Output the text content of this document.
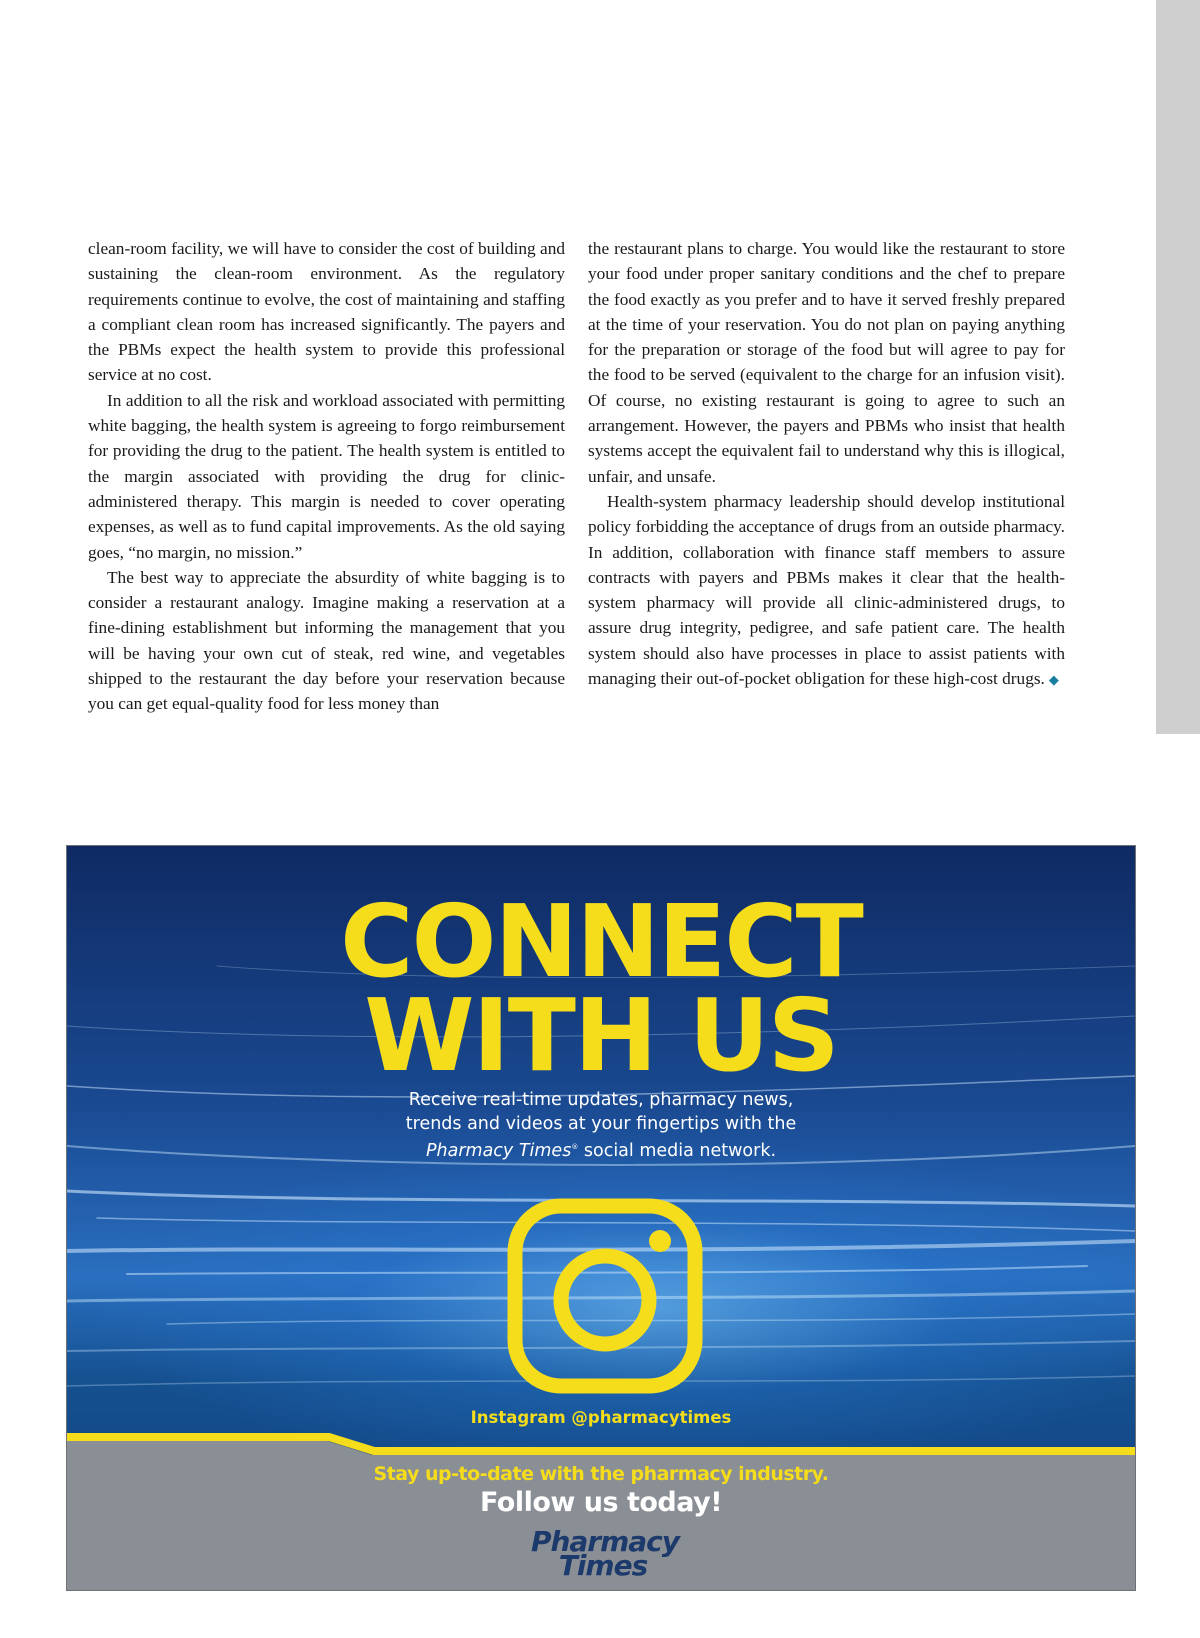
clean-room facility, we will have to consider the cost of building and sustaining the clean-room environment. As the regulatory requirements continue to evolve, the cost of maintaining and staffing a compliant clean room has increased significantly. The payers and the PBMs expect the health system to provide this professional service at no cost.

In addition to all the risk and workload associated with permitting white bagging, the health system is agreeing to forgo reimbursement for providing the drug to the patient. The health system is entitled to the margin associated with providing the drug for clinic-administered therapy. This margin is needed to cover operating expenses, as well as to fund capital improvements. As the old saying goes, “no margin, no mission.”

The best way to appreciate the absurdity of white bagging is to consider a restaurant analogy. Imagine making a reservation at a fine-dining establishment but informing the management that you will be having your own cut of steak, red wine, and vegetables shipped to the restaurant the day before your reservation because you can get equal-quality food for less money than

the restaurant plans to charge. You would like the restaurant to store your food under proper sanitary conditions and the chef to prepare the food exactly as you prefer and to have it served freshly prepared at the time of your reservation. You do not plan on paying anything for the preparation or storage of the food but will agree to pay for the food to be served (equivalent to the charge for an infusion visit). Of course, no existing restaurant is going to agree to such an arrangement. However, the payers and PBMs who insist that health systems accept the equivalent fail to understand why this is illogical, unfair, and unsafe.

Health-system pharmacy leadership should develop institutional policy forbidding the acceptance of drugs from an outside pharmacy. In addition, collaboration with finance staff members to assure contracts with payers and PBMs makes it clear that the health-system pharmacy will provide all clinic-administered drugs, to assure drug integrity, pedigree, and safe patient care. The health system should also have processes in place to assist patients with managing their out-of-pocket obligation for these high-cost drugs. ◆

CONNECT
WITH US
Receive real-time updates, pharmacy news,
trends and videos at your fingertips with the
Pharmacy Times® social media network.
Instagram @pharmacytimes
Stay up-to-date with the pharmacy industry.
Follow us today!
Pharmacy
Times
